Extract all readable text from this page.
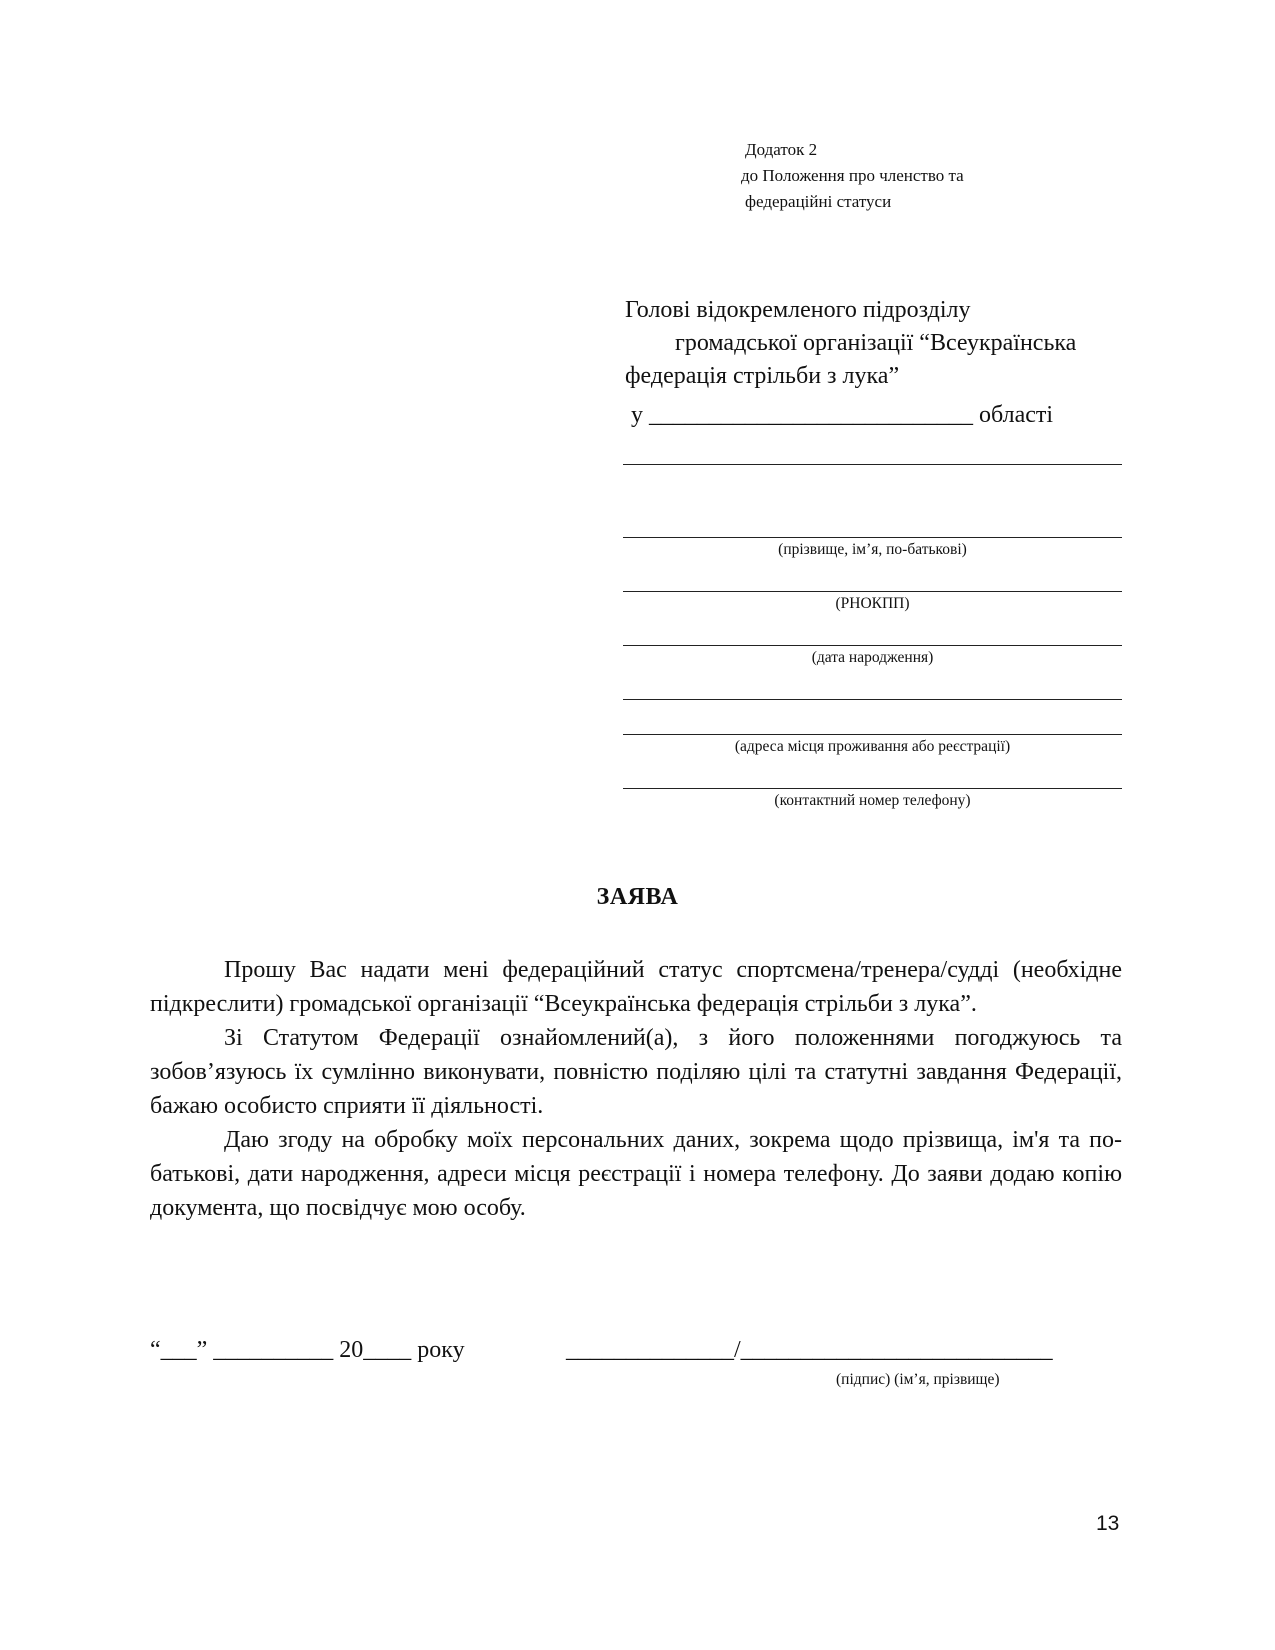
Додаток 2
до Положення про членство та
федераційні статуси
Голові відокремленого підрозділу
громадської організації “Всеукраїнська
федерація стрільби з лука”
у ___________________________ області
(прізвище, ім’я, по-батькові)
(РНОКПП)
(дата народження)
(адреса місця проживання або реєстрації)
(контактний номер телефону)
ЗАЯВА

Прошу Вас надати мені федераційний статус спортсмена/тренера/судді (необхідне підкреслити) громадської організації “Всеукраїнська федерація стрільби з лука”.

Зі Статутом Федерації ознайомлений(а), з його положеннями погоджуюсь та зобов’язуюсь їх сумлінно виконувати, повністю поділяю цілі та статутні завдання Федерації, бажаю особисто сприяти її діяльності.

Даю згоду на обробку моїх персональних даних, зокрема щодо прізвища, ім'я та по-батькові, дати народження, адреси місця реєстрації і номера телефону. До заяви додаю копію документа, що посвідчує мою особу.

“___” __________ 20____ року	______________/__________________________
(підпис) (ім’я, прізвище)
13
